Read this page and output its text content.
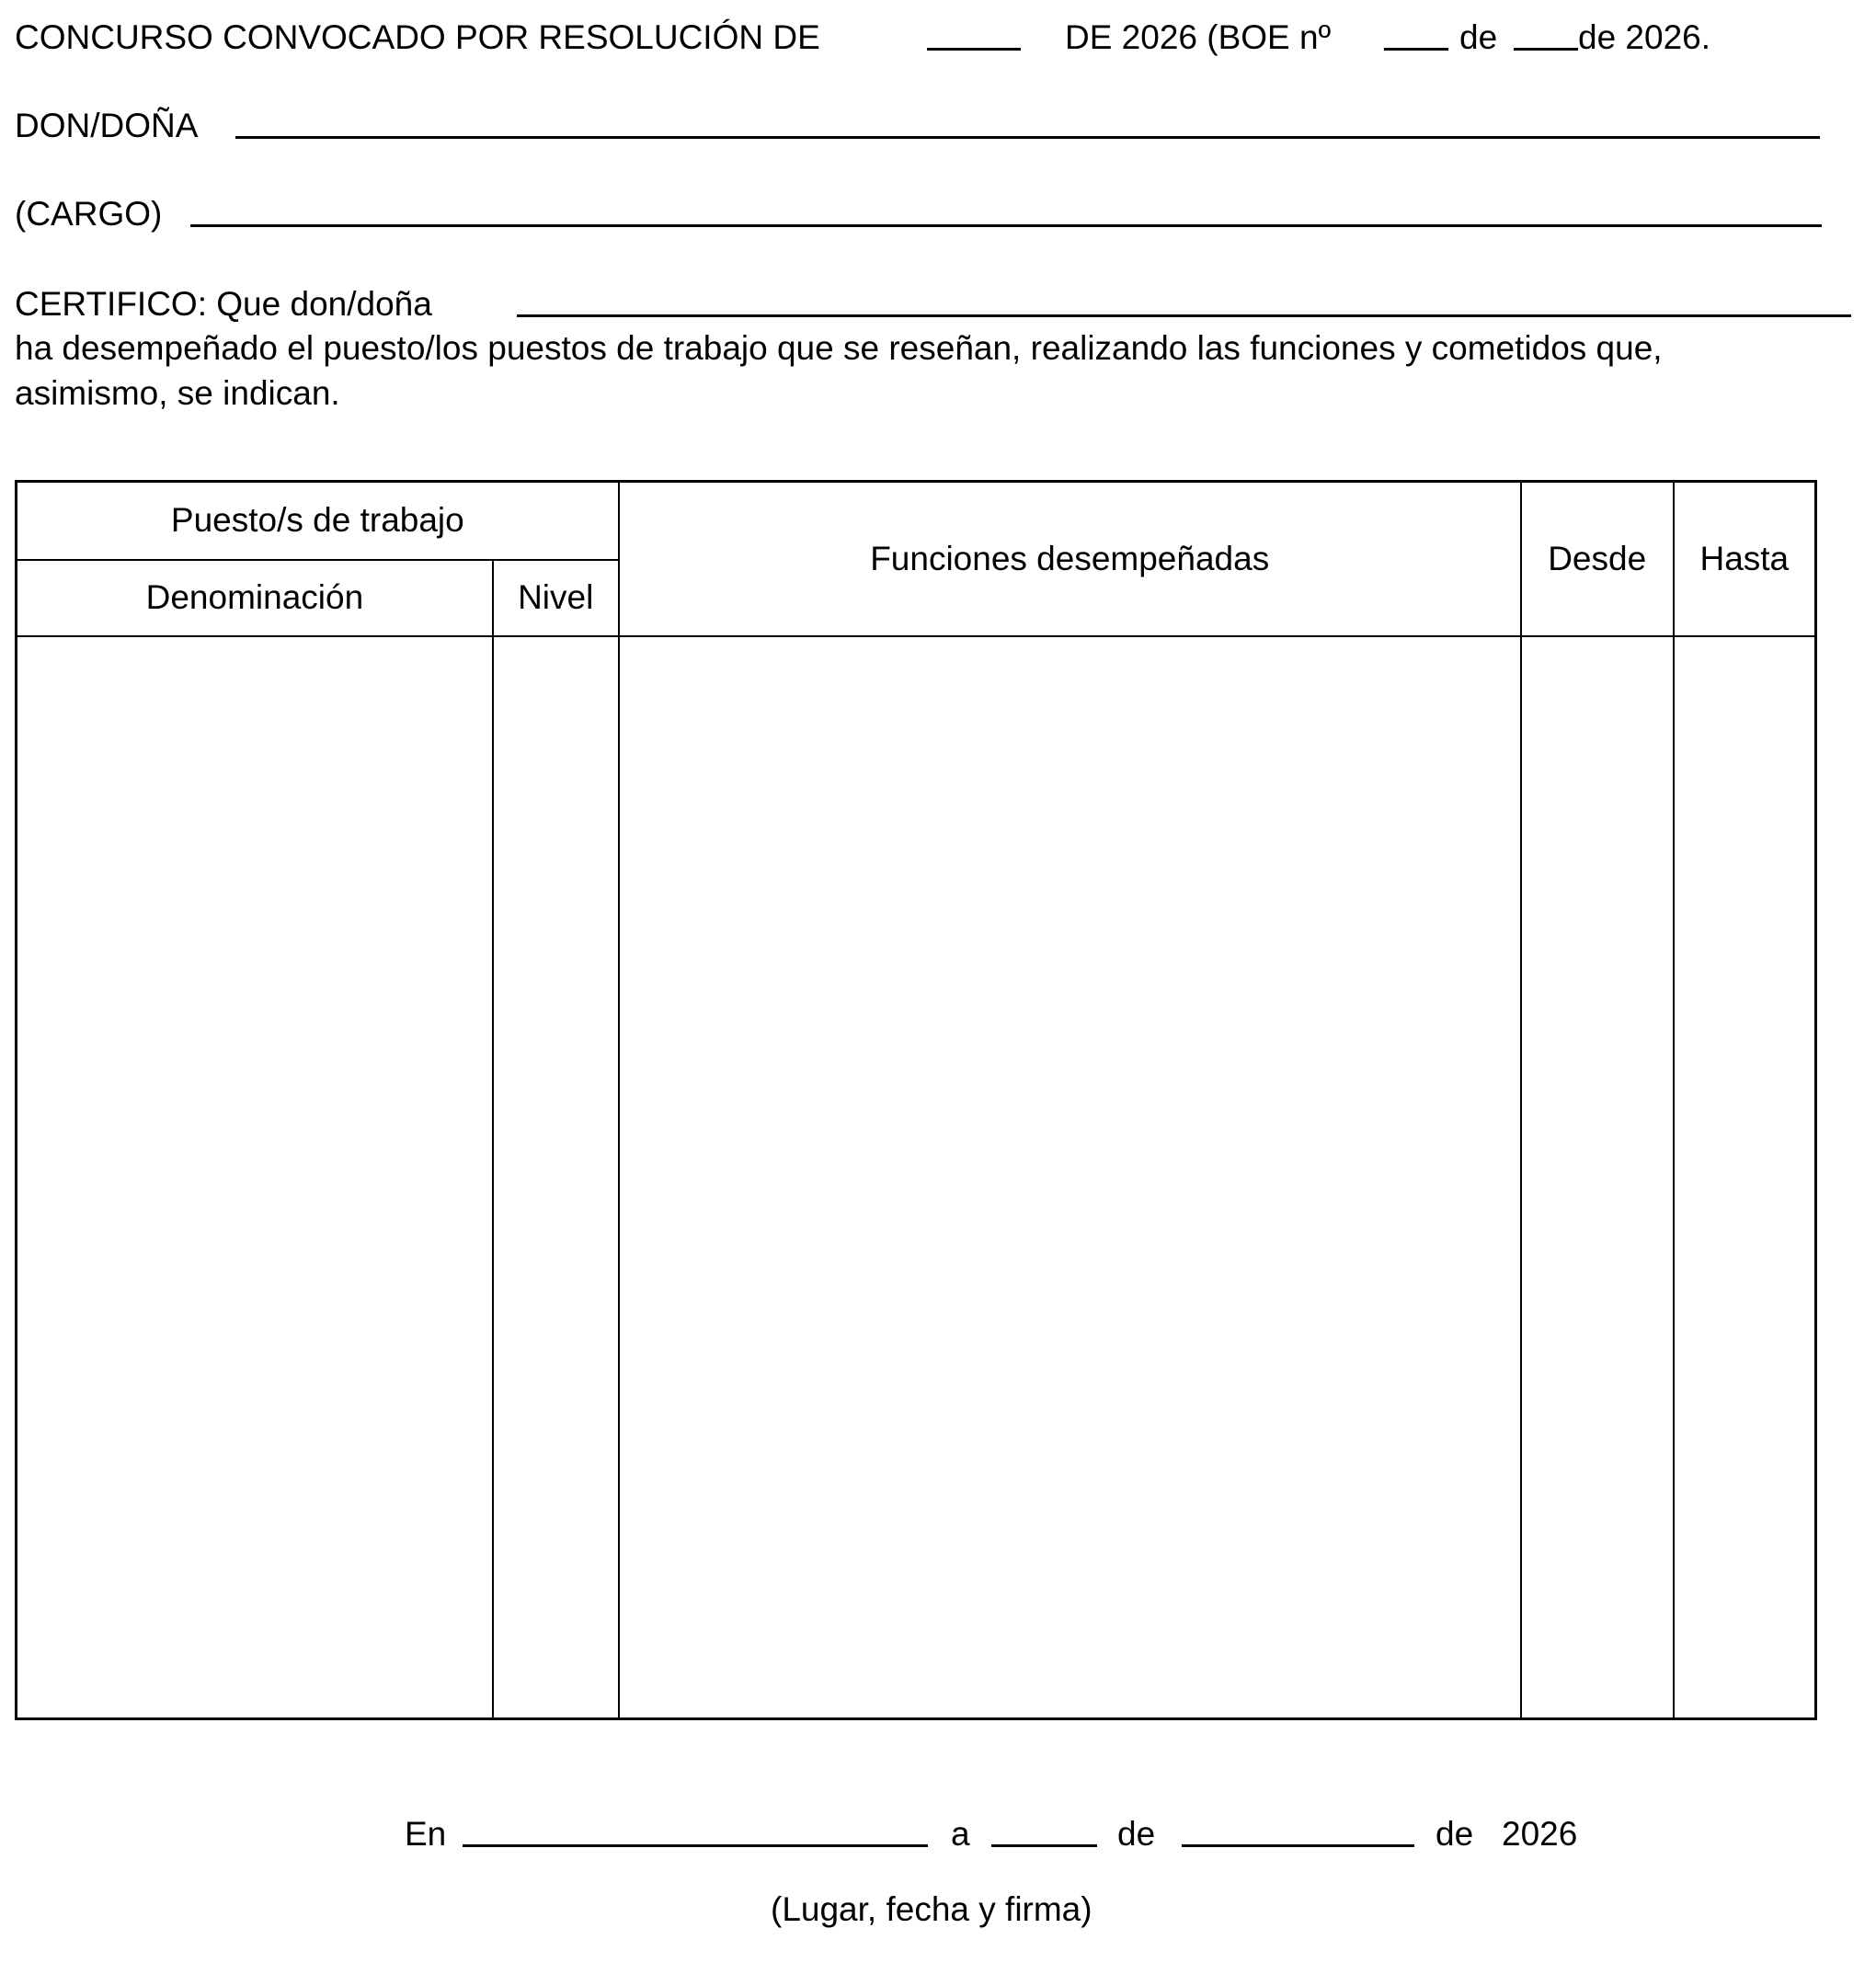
CONCURSO CONVOCADO POR RESOLUCIÓN DE	DE 2026 (BOE nº	de de 2026.
DON/DOÑA
(CARGO)
CERTIFICO: Que don/doña
ha desempeñado el puesto/los puestos de trabajo que se reseñan, realizando las funciones y cometidos que,
asimismo, se indican.
Puesto/s de trabajo		Funciones desempeñadas	Desde	Hasta
Denominación	Nivel			

En	a	de	de   2026
(Lugar, fecha y firma)
